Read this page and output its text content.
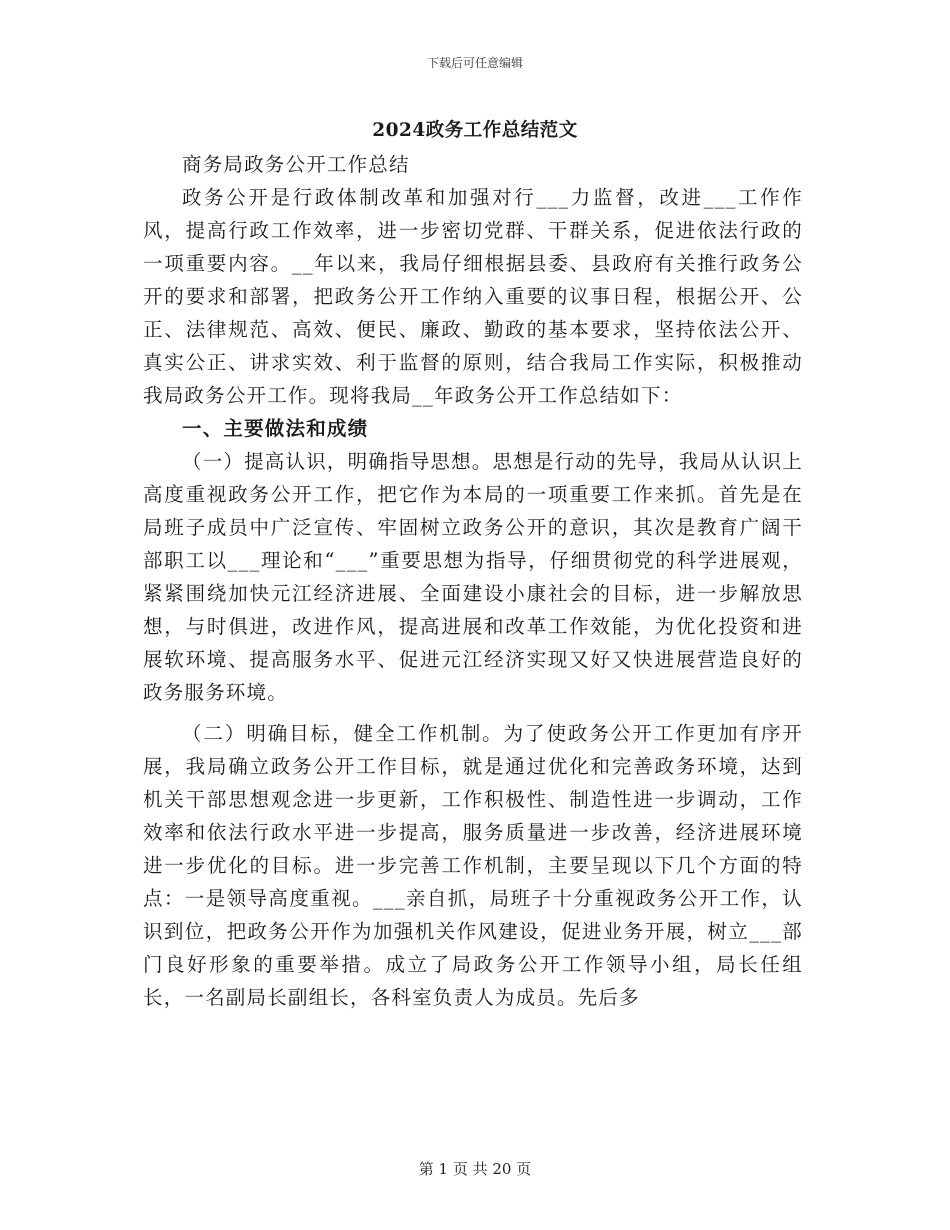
下载后可任意编辑
2024政务工作总结范文

商务局政务公开工作总结

政务公开是行政体制改革和加强对行___力监督，改进___工作作风，提高行政工作效率，进一步密切党群、干群关系，促进依法行政的一项重要内容。__年以来，我局仔细根据县委、县政府有关推行政务公开的要求和部署，把政务公开工作纳入重要的议事日程，根据公开、公正、法律规范、高效、便民、廉政、勤政的基本要求，坚持依法公开、真实公正、讲求实效、利于监督的原则，结合我局工作实际，积极推动我局政务公开工作。现将我局__年政务公开工作总结如下：

一、主要做法和成绩

（一）提高认识，明确指导思想。思想是行动的先导，我局从认识上高度重视政务公开工作，把它作为本局的一项重要工作来抓。首先是在局班子成员中广泛宣传、牢固树立政务公开的意识，其次是教育广阔干部职工以___理论和“___”重要思想为指导，仔细贯彻党的科学进展观，紧紧围绕加快元江经济进展、全面建设小康社会的目标，进一步解放思想，与时俱进，改进作风，提高进展和改革工作效能，为优化投资和进展软环境、提高服务水平、促进元江经济实现又好又快进展营造良好的政务服务环境。

（二）明确目标，健全工作机制。为了使政务公开工作更加有序开展，我局确立政务公开工作目标，就是通过优化和完善政务环境，达到机关干部思想观念进一步更新，工作积极性、制造性进一步调动，工作效率和依法行政水平进一步提高，服务质量进一步改善，经济进展环境进一步优化的目标。进一步完善工作机制，主要呈现以下几个方面的特点：一是领导高度重视。___亲自抓，局班子十分重视政务公开工作，认识到位，把政务公开作为加强机关作风建设，促进业务开展，树立___部门良好形象的重要举措。成立了局政务公开工作领导小组，局长任组长，一名副局长副组长，各科室负责人为成员。先后多

第 1 页 共 20 页
